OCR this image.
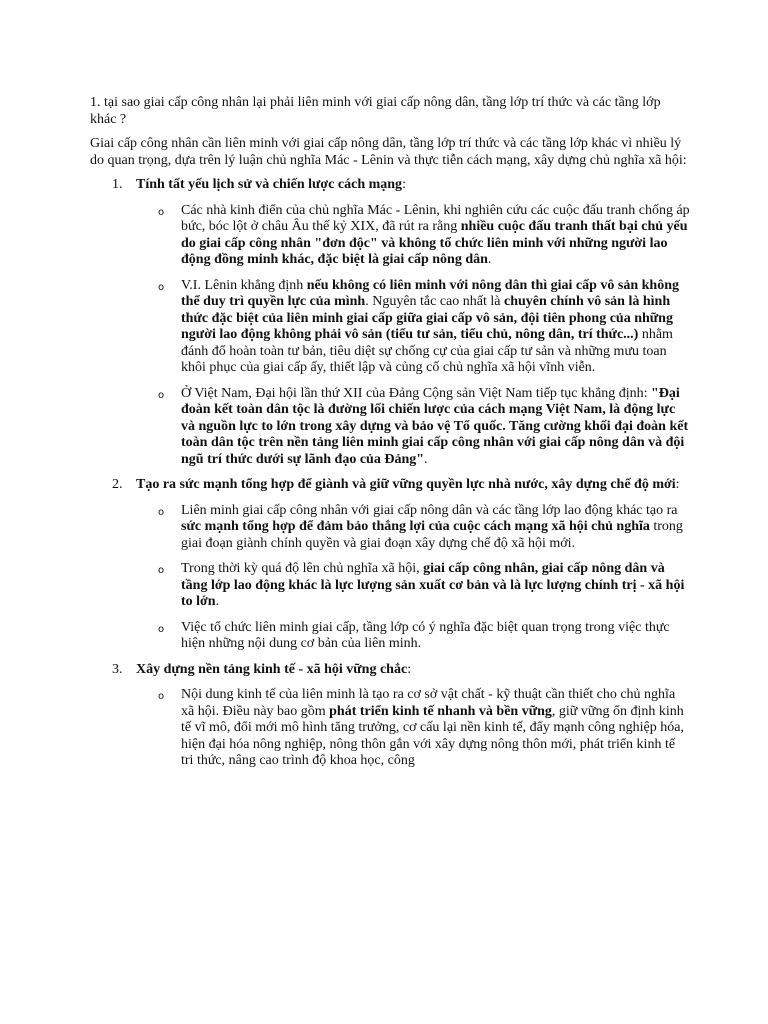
1. tại sao giai cấp công nhân lại phải liên minh với giai cấp nông dân, tầng lớp trí thức và các tầng lớp khác ?

Giai cấp công nhân cần liên minh với giai cấp nông dân, tầng lớp trí thức và các tầng lớp khác vì nhiều lý do quan trọng, dựa trên lý luận chủ nghĩa Mác - Lênin và thực tiễn cách mạng, xây dựng chủ nghĩa xã hội:

1. Tính tất yếu lịch sử và chiến lược cách mạng:
o Các nhà kinh điển của chủ nghĩa Mác - Lênin, khi nghiên cứu các cuộc đấu tranh chống áp bức, bóc lột ở châu Âu thế kỷ XIX, đã rút ra rằng nhiều cuộc đấu tranh thất bại chủ yếu do giai cấp công nhân "đơn độc" và không tổ chức liên minh với những người lao động đồng minh khác, đặc biệt là giai cấp nông dân.
o V.I. Lênin khẳng định nếu không có liên minh với nông dân thì giai cấp vô sản không thể duy trì quyền lực của mình. Nguyên tắc cao nhất là chuyên chính vô sản là hình thức đặc biệt của liên minh giai cấp giữa giai cấp vô sản, đội tiên phong của những người lao động không phải vô sản (tiểu tư sản, tiểu chủ, nông dân, trí thức...) nhằm đánh đổ hoàn toàn tư bản, tiêu diệt sự chống cự của giai cấp tư sản và những mưu toan khôi phục của giai cấp ấy, thiết lập và củng cố chủ nghĩa xã hội vĩnh viễn.
o Ở Việt Nam, Đại hội lần thứ XII của Đảng Cộng sản Việt Nam tiếp tục khẳng định: "Đại đoàn kết toàn dân tộc là đường lối chiến lược của cách mạng Việt Nam, là động lực và nguồn lực to lớn trong xây dựng và bảo vệ Tổ quốc. Tăng cường khối đại đoàn kết toàn dân tộc trên nền tảng liên minh giai cấp công nhân với giai cấp nông dân và đội ngũ trí thức dưới sự lãnh đạo của Đảng".
2. Tạo ra sức mạnh tổng hợp để giành và giữ vững quyền lực nhà nước, xây dựng chế độ mới:
o Liên minh giai cấp công nhân với giai cấp nông dân và các tầng lớp lao động khác tạo ra sức mạnh tổng hợp để đảm bảo thắng lợi của cuộc cách mạng xã hội chủ nghĩa trong giai đoạn giành chính quyền và giai đoạn xây dựng chế độ xã hội mới.
o Trong thời kỳ quá độ lên chủ nghĩa xã hội, giai cấp công nhân, giai cấp nông dân và tầng lớp lao động khác là lực lượng sản xuất cơ bản và là lực lượng chính trị - xã hội to lớn.
o Việc tổ chức liên minh giai cấp, tầng lớp có ý nghĩa đặc biệt quan trọng trong việc thực hiện những nội dung cơ bản của liên minh.
3. Xây dựng nền tảng kinh tế - xã hội vững chắc:
o Nội dung kinh tế của liên minh là tạo ra cơ sở vật chất - kỹ thuật cần thiết cho chủ nghĩa xã hội. Điều này bao gồm phát triển kinh tế nhanh và bền vững, giữ vững ổn định kinh tế vĩ mô, đổi mới mô hình tăng trưởng, cơ cấu lại nền kinh tế, đẩy mạnh công nghiệp hóa, hiện đại hóa nông nghiệp, nông thôn gắn với xây dựng nông thôn mới, phát triển kinh tế tri thức, nâng cao trình độ khoa học, công
